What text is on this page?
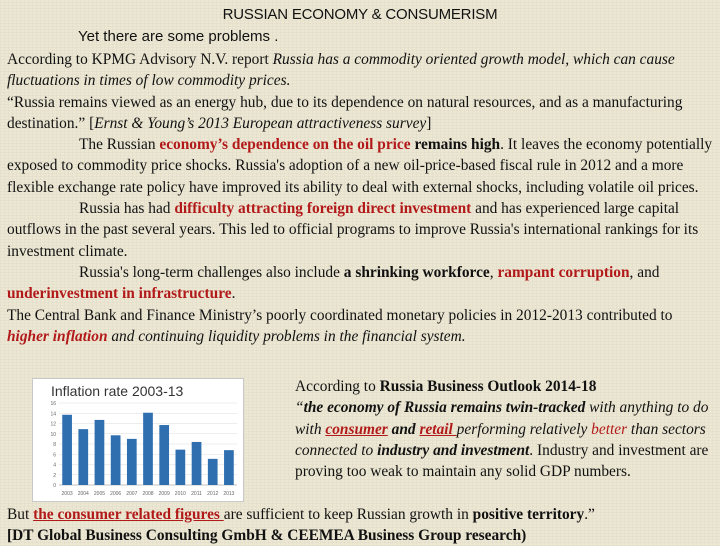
RUSSIAN ECONOMY & CONSUMERISM
Yet there are some problems .

According to KPMG Advisory N.V. report Russia has a commodity oriented growth model, which can cause fluctuations in times of low commodity prices.

“Russia remains viewed as an energy hub, due to its dependence on natural resources, and as a manufacturing destination.” [Ernst & Young’s 2013 European attractiveness survey]

The Russian economy’s dependence on the oil price remains high. It leaves the economy potentially exposed to commodity price shocks. Russia's adoption of a new oil-price-based fiscal rule in 2012 and a more flexible exchange rate policy have improved its ability to deal with external shocks, including volatile oil prices.

Russia has had difficulty attracting foreign direct investment and has experienced large capital outflows in the past several years. This led to official programs to improve Russia's international rankings for its investment climate.

Russia's long-term challenges also include a shrinking workforce, rampant corruption, and underinvestment in infrastructure.

The Central Bank and Finance Ministry’s poorly coordinated monetary policies in 2012-2013 contributed to higher inflation and continuing liquidity problems in the financial system.

Inflation rate 2003-13
0
2
4
6
8
10
12
14
16
2003 2004 2005 2006 2007 2008 2009 2010 2011 2012 2013
According to Russia Business Outlook 2014-18
“the economy of Russia remains twin-tracked with anything to do with consumer and retail performing relatively better than sectors connected to industry and investment. Industry and investment are proving too weak to maintain any solid GDP numbers.
But the consumer related figures are sufficient to keep Russian growth in positive territory.”
[DT Global Business Consulting GmbH & CEEMEA Business Group research)
